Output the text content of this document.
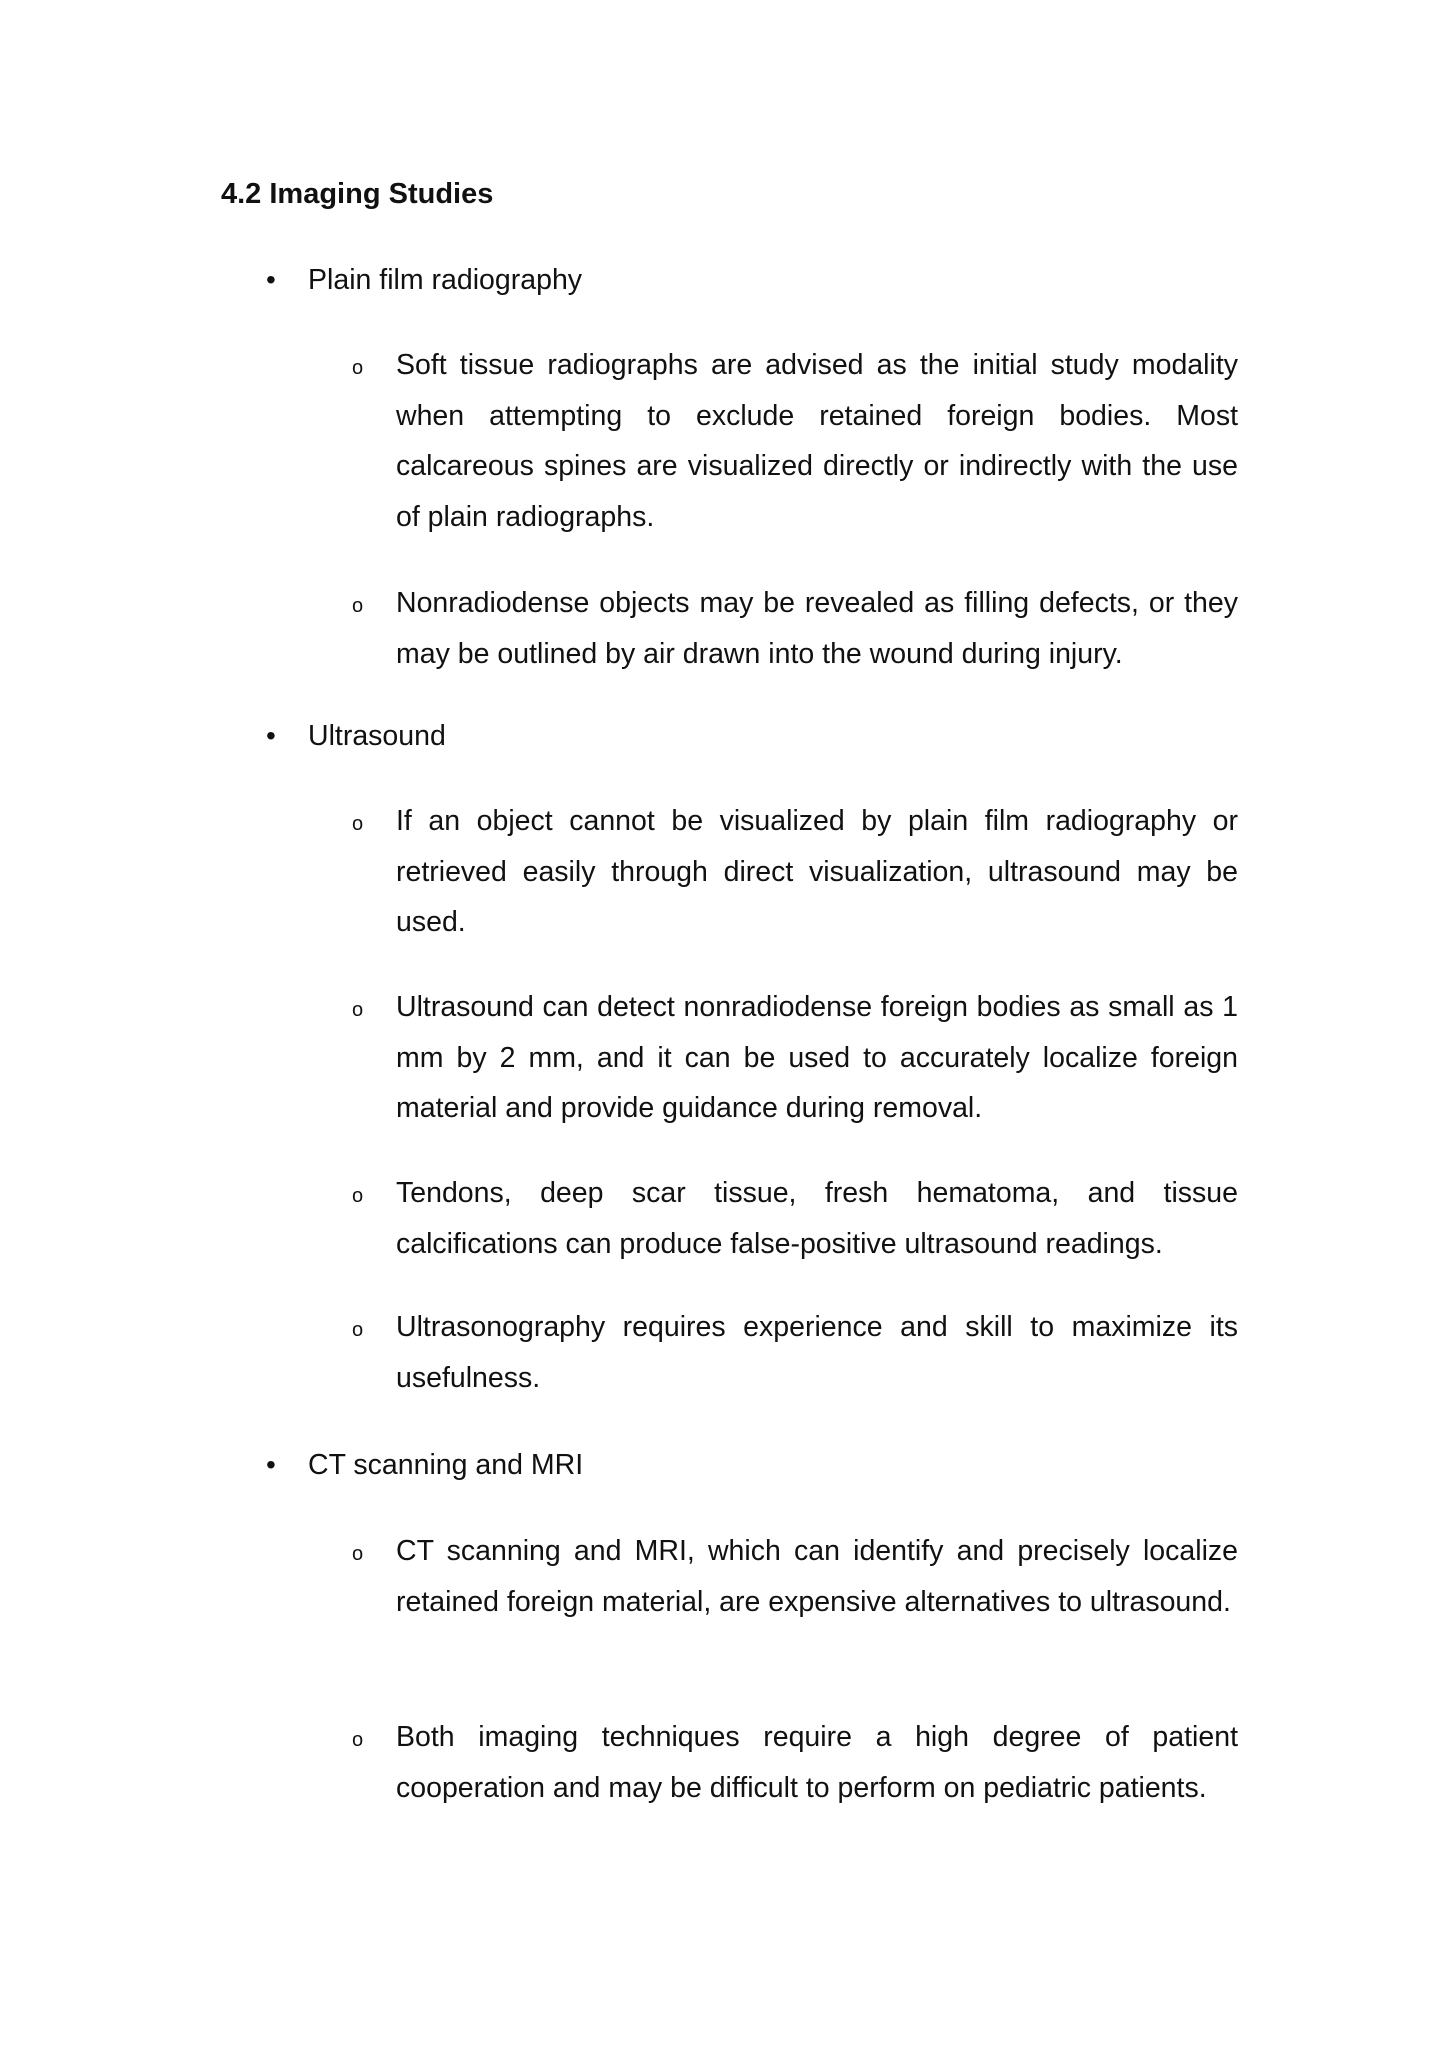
4.2 Imaging Studies
• Plain film radiography
o Soft tissue radiographs are advised as the initial study modality when attempting to exclude retained foreign bodies. Most calcareous spines are visualized directly or indirectly with the use of plain radiographs.

o Nonradiodense objects may be revealed as filling defects, or they may be outlined by air drawn into the wound during injury.

• Ultrasound
o If an object cannot be visualized by plain film radiography or retrieved easily through direct visualization, ultrasound may be used.

o Ultrasound can detect nonradiodense foreign bodies as small as 1 mm by 2 mm, and it can be used to accurately localize foreign material and provide guidance during removal.

o Tendons, deep scar tissue, fresh hematoma, and tissue calcifications can produce false-positive ultrasound readings.

o Ultrasonography requires experience and skill to maximize its usefulness.

• CT scanning and MRI
o CT scanning and MRI, which can identify and precisely localize retained foreign material, are expensive alternatives to ultrasound.

o Both imaging techniques require a high degree of patient cooperation and may be difficult to perform on pediatric patients.
